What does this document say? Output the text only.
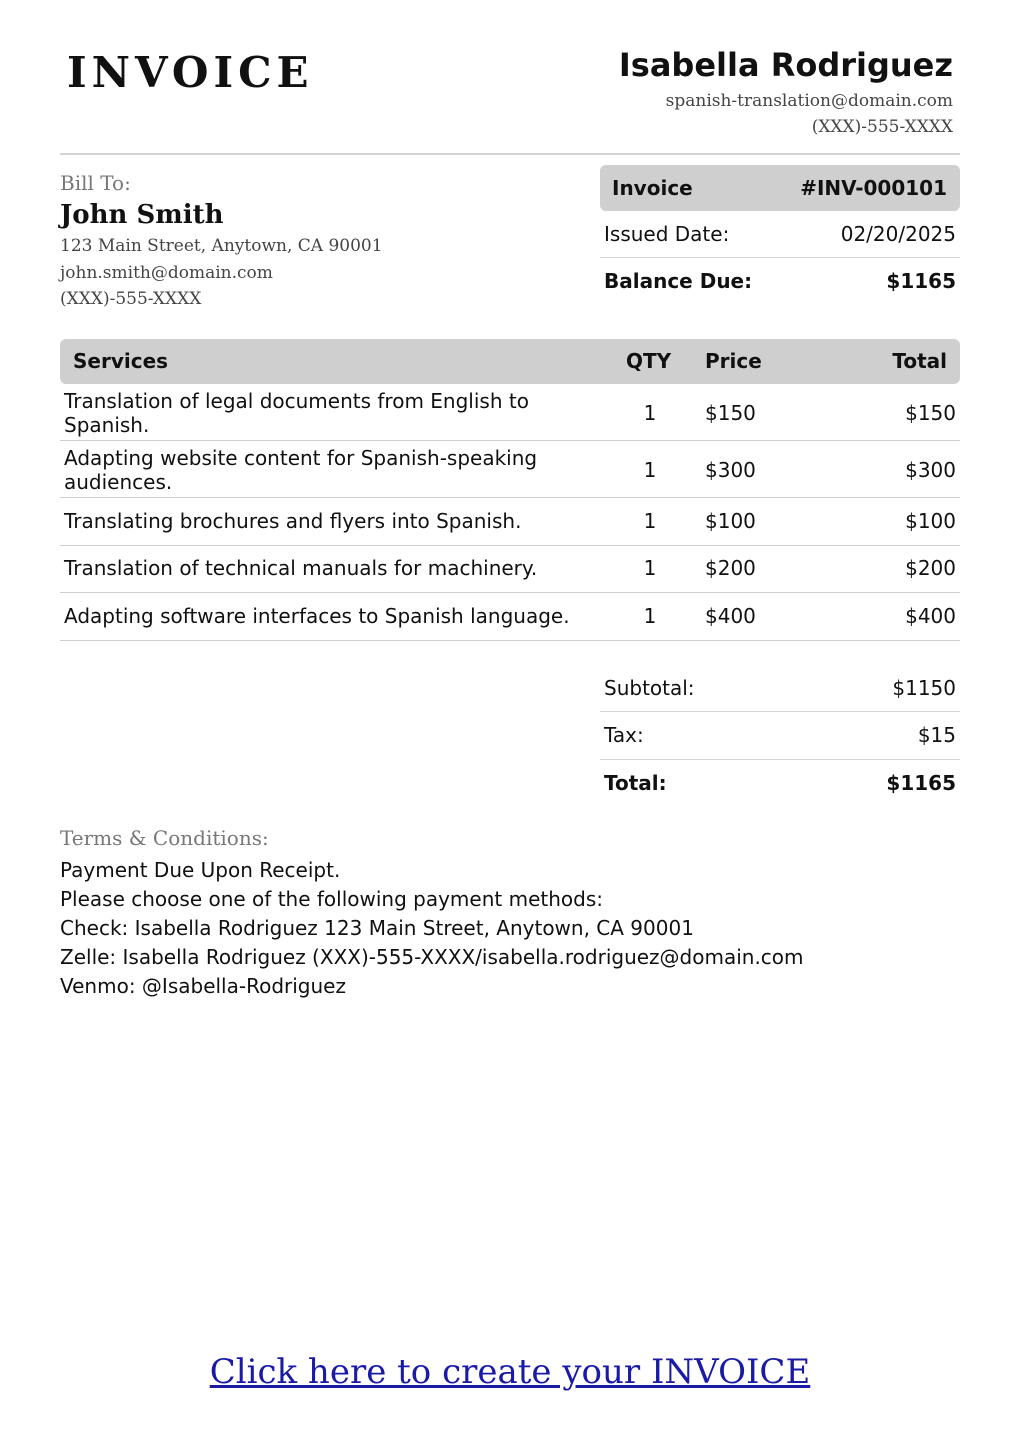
INVOICE	Isabella Rodriguez
spanish-translation@domain.com
(XXX)-555-XXXX
Bill To:
John Smith
123 Main Street, Anytown, CA 90001
john.smith@domain.com
(XXX)-555-XXXX
Invoice	#INV-000101
Issued Date:	02/20/2025
Balance Due:	$1165
Services	QTY Price	Total
Translation of legal documents from English to Spanish.	1	$150	$150
Adapting website content for Spanish-speaking audiences.	1	$300	$300
Translating brochures and flyers into Spanish.	1	$100	$100
Translation of technical manuals for machinery.	1	$200	$200
Adapting software interfaces to Spanish language.	1	$400	$400
Subtotal:	$1150
Tax:	$15
Total:	$1165
Terms & Conditions:
Payment Due Upon Receipt.
Please choose one of the following payment methods:
Check: Isabella Rodriguez 123 Main Street, Anytown, CA 90001
Zelle: Isabella Rodriguez (XXX)-555-XXXX/isabella.rodriguez@domain.com
Venmo: @Isabella-Rodriguez
Click here to create your INVOICE
